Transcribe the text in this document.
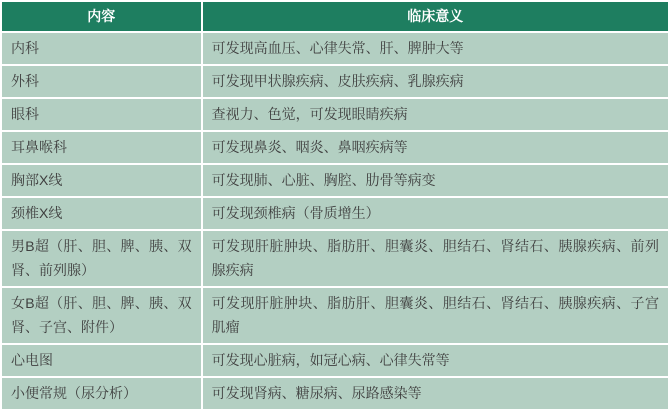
内容	临床意义
内科	可发现高血压、心律失常、肝、脾肿大等
外科	可发现甲状腺疾病、皮肤疾病、乳腺疾病
眼科	查视力、色觉，可发现眼睛疾病
耳鼻喉科	可发现鼻炎、咽炎、鼻咽疾病等
胸部X线	可发现肺、心脏、胸腔、肋骨等病变
颈椎X线	可发现颈椎病（骨质增生）
男B超（肝、胆、脾、胰、双肾、前列腺）	可发现肝脏肿块、脂肪肝、胆囊炎、胆结石、肾结石、胰腺疾病、前列腺疾病
女B超（肝、胆、脾、胰、双肾、子宫、附件）	可发现肝脏肿块、脂肪肝、胆囊炎、胆结石、肾结石、胰腺疾病、子宫肌瘤
心电图	可发现心脏病，如冠心病、心律失常等
小便常规（尿分析）	可发现肾病、糖尿病、尿路感染等
